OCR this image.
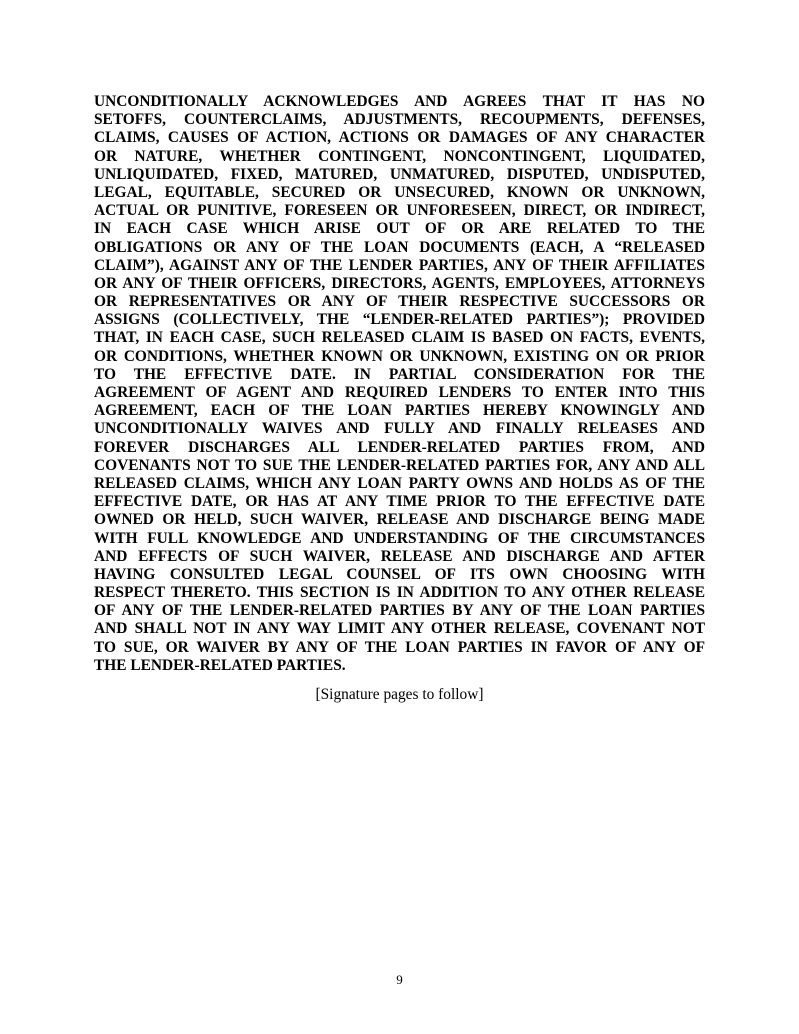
UNCONDITIONALLY ACKNOWLEDGES AND AGREES THAT IT HAS NO
SETOFFS, COUNTERCLAIMS, ADJUSTMENTS, RECOUPMENTS, DEFENSES,
CLAIMS, CAUSES OF ACTION, ACTIONS OR DAMAGES OF ANY CHARACTER
OR NATURE, WHETHER CONTINGENT, NONCONTINGENT, LIQUIDATED,
UNLIQUIDATED, FIXED, MATURED, UNMATURED, DISPUTED, UNDISPUTED,
LEGAL, EQUITABLE, SECURED OR UNSECURED, KNOWN OR UNKNOWN,
ACTUAL OR PUNITIVE, FORESEEN OR UNFORESEEN, DIRECT, OR INDIRECT,
IN EACH CASE WHICH ARISE OUT OF OR ARE RELATED TO THE
OBLIGATIONS OR ANY OF THE LOAN DOCUMENTS (EACH, A “RELEASED
CLAIM”), AGAINST ANY OF THE LENDER PARTIES, ANY OF THEIR AFFILIATES
OR ANY OF THEIR OFFICERS, DIRECTORS, AGENTS, EMPLOYEES, ATTORNEYS
OR REPRESENTATIVES OR ANY OF THEIR RESPECTIVE SUCCESSORS OR
ASSIGNS (COLLECTIVELY, THE “LENDER-RELATED PARTIES”); PROVIDED
THAT, IN EACH CASE, SUCH RELEASED CLAIM IS BASED ON FACTS, EVENTS,
OR CONDITIONS, WHETHER KNOWN OR UNKNOWN, EXISTING ON OR PRIOR
TO THE EFFECTIVE DATE. IN PARTIAL CONSIDERATION FOR THE
AGREEMENT OF AGENT AND REQUIRED LENDERS TO ENTER INTO THIS
AGREEMENT, EACH OF THE LOAN PARTIES HEREBY KNOWINGLY AND
UNCONDITIONALLY WAIVES AND FULLY AND FINALLY RELEASES AND
FOREVER DISCHARGES ALL LENDER-RELATED PARTIES FROM, AND
COVENANTS NOT TO SUE THE LENDER-RELATED PARTIES FOR, ANY AND ALL
RELEASED CLAIMS, WHICH ANY LOAN PARTY OWNS AND HOLDS AS OF THE
EFFECTIVE DATE, OR HAS AT ANY TIME PRIOR TO THE EFFECTIVE DATE
OWNED OR HELD, SUCH WAIVER, RELEASE AND DISCHARGE BEING MADE
WITH FULL KNOWLEDGE AND UNDERSTANDING OF THE CIRCUMSTANCES
AND EFFECTS OF SUCH WAIVER, RELEASE AND DISCHARGE AND AFTER
HAVING CONSULTED LEGAL COUNSEL OF ITS OWN CHOOSING WITH
RESPECT THERETO. THIS SECTION IS IN ADDITION TO ANY OTHER RELEASE
OF ANY OF THE LENDER-RELATED PARTIES BY ANY OF THE LOAN PARTIES
AND SHALL NOT IN ANY WAY LIMIT ANY OTHER RELEASE, COVENANT NOT
TO SUE, OR WAIVER BY ANY OF THE LOAN PARTIES IN FAVOR OF ANY OF
THE LENDER-RELATED PARTIES.

[Signature pages to follow]

9
